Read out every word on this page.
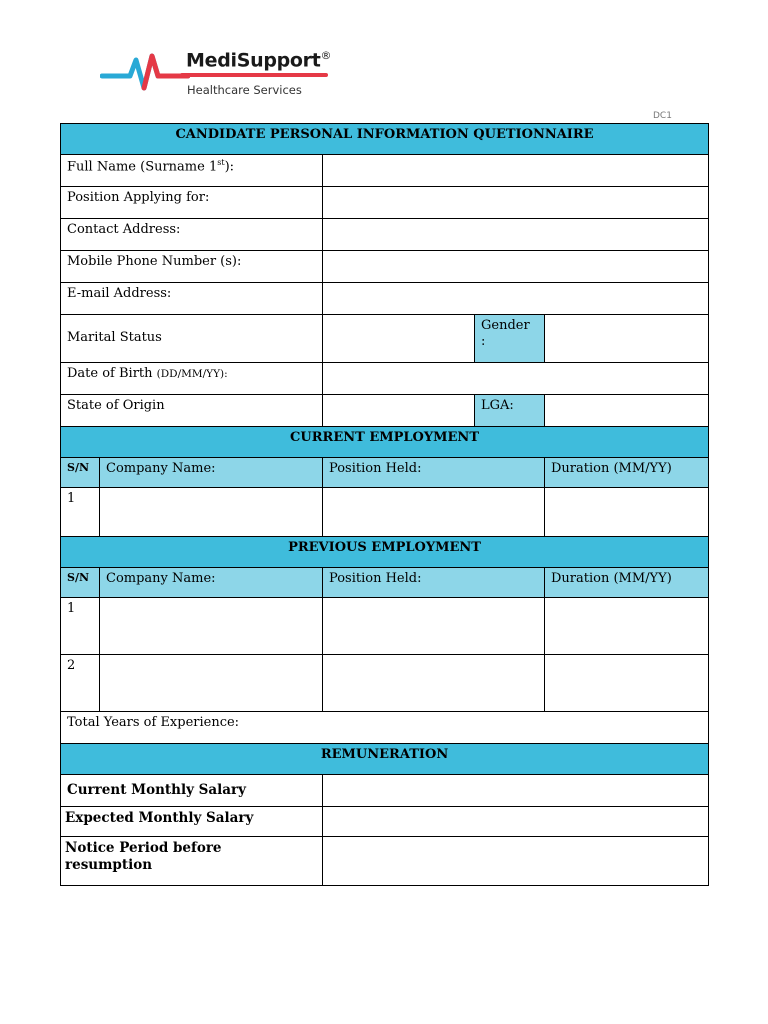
MediSupport®
Healthcare Services
DC1
CANDIDATE PERSONAL INFORMATION QUETIONNAIRE				
Full Name (Surname 1st):				
Position Applying for:				
Contact Address:				
Mobile Phone Number (s):				
E-mail Address:				
Marital Status			Gender :	
Date of Birth (DD/MM/YY):				
State of Origin			LGA:	
CURRENT EMPLOYMENT				
S/N	Company Name:	Position Held:		Duration (MM/YY)
1				
PREVIOUS EMPLOYMENT				
S/N	Company Name:	Position Held:		Duration (MM/YY)
1				
2				
Total Years of Experience:				
REMUNERATION				
Current Monthly Salary				
Expected Monthly Salary				
Notice Period before resumption				
